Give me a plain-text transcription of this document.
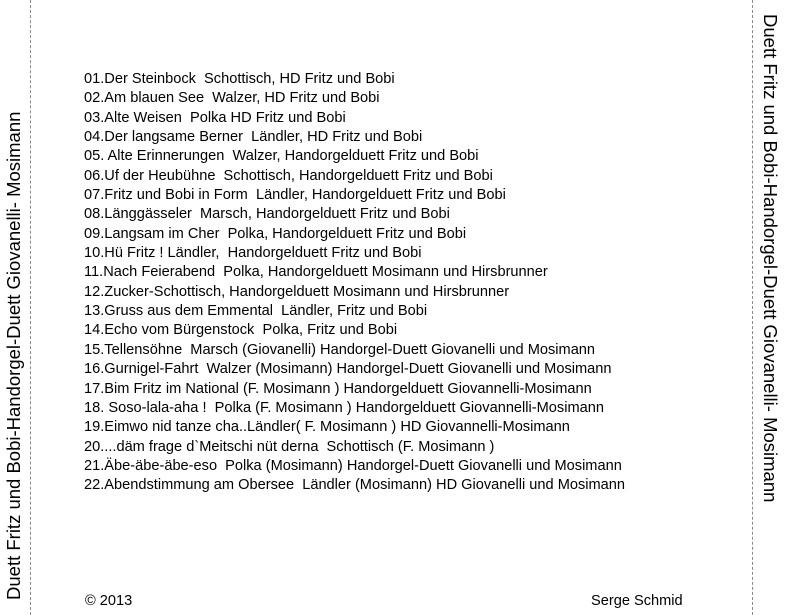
Duett Fritz und Bobi-Handorgel-Duett Giovanelli- Mosimann	Duett Fritz und Bobi-Handorgel-Duett Giovanelli- Mosimann
01.Der Steinbock  Schottisch, HD Fritz und Bobi
02.Am blauen See  Walzer, HD Fritz und Bobi
03.Alte Weisen  Polka HD Fritz und Bobi
04.Der langsame Berner  Ländler, HD Fritz und Bobi
05. Alte Erinnerungen  Walzer, Handorgelduett Fritz und Bobi
06.Uf der Heubühne  Schottisch, Handorgelduett Fritz und Bobi
07.Fritz und Bobi in Form  Ländler, Handorgelduett Fritz und Bobi
08.Länggässeler  Marsch, Handorgelduett Fritz und Bobi
09.Langsam im Cher  Polka, Handorgelduett Fritz und Bobi
10.Hü Fritz ! Ländler,  Handorgelduett Fritz und Bobi
11.Nach Feierabend  Polka, Handorgelduett Mosimann und Hirsbrunner
12.Zucker-Schottisch, Handorgelduett Mosimann und Hirsbrunner
13.Gruss aus dem Emmental  Ländler, Fritz und Bobi
14.Echo vom Bürgenstock  Polka, Fritz und Bobi
15.Tellensöhne  Marsch (Giovanelli) Handorgel-Duett Giovanelli und Mosimann
16.Gurnigel-Fahrt  Walzer (Mosimann) Handorgel-Duett Giovanelli und Mosimann
17.Bim Fritz im National (F. Mosimann ) Handorgelduett Giovannelli-Mosimann
18. Soso-lala-aha !  Polka (F. Mosimann ) Handorgelduett Giovannelli-Mosimann
19.Eimwo nid tanze cha..Ländler( F. Mosimann ) HD Giovannelli-Mosimann
20....däm frage d`Meitschi nüt derna  Schottisch (F. Mosimann )
21.Äbe-äbe-äbe-eso  Polka (Mosimann) Handorgel-Duett Giovanelli und Mosimann
22.Abendstimmung am Obersee  Ländler (Mosimann) HD Giovanelli und Mosimann
© 2013	Serge Schmid
